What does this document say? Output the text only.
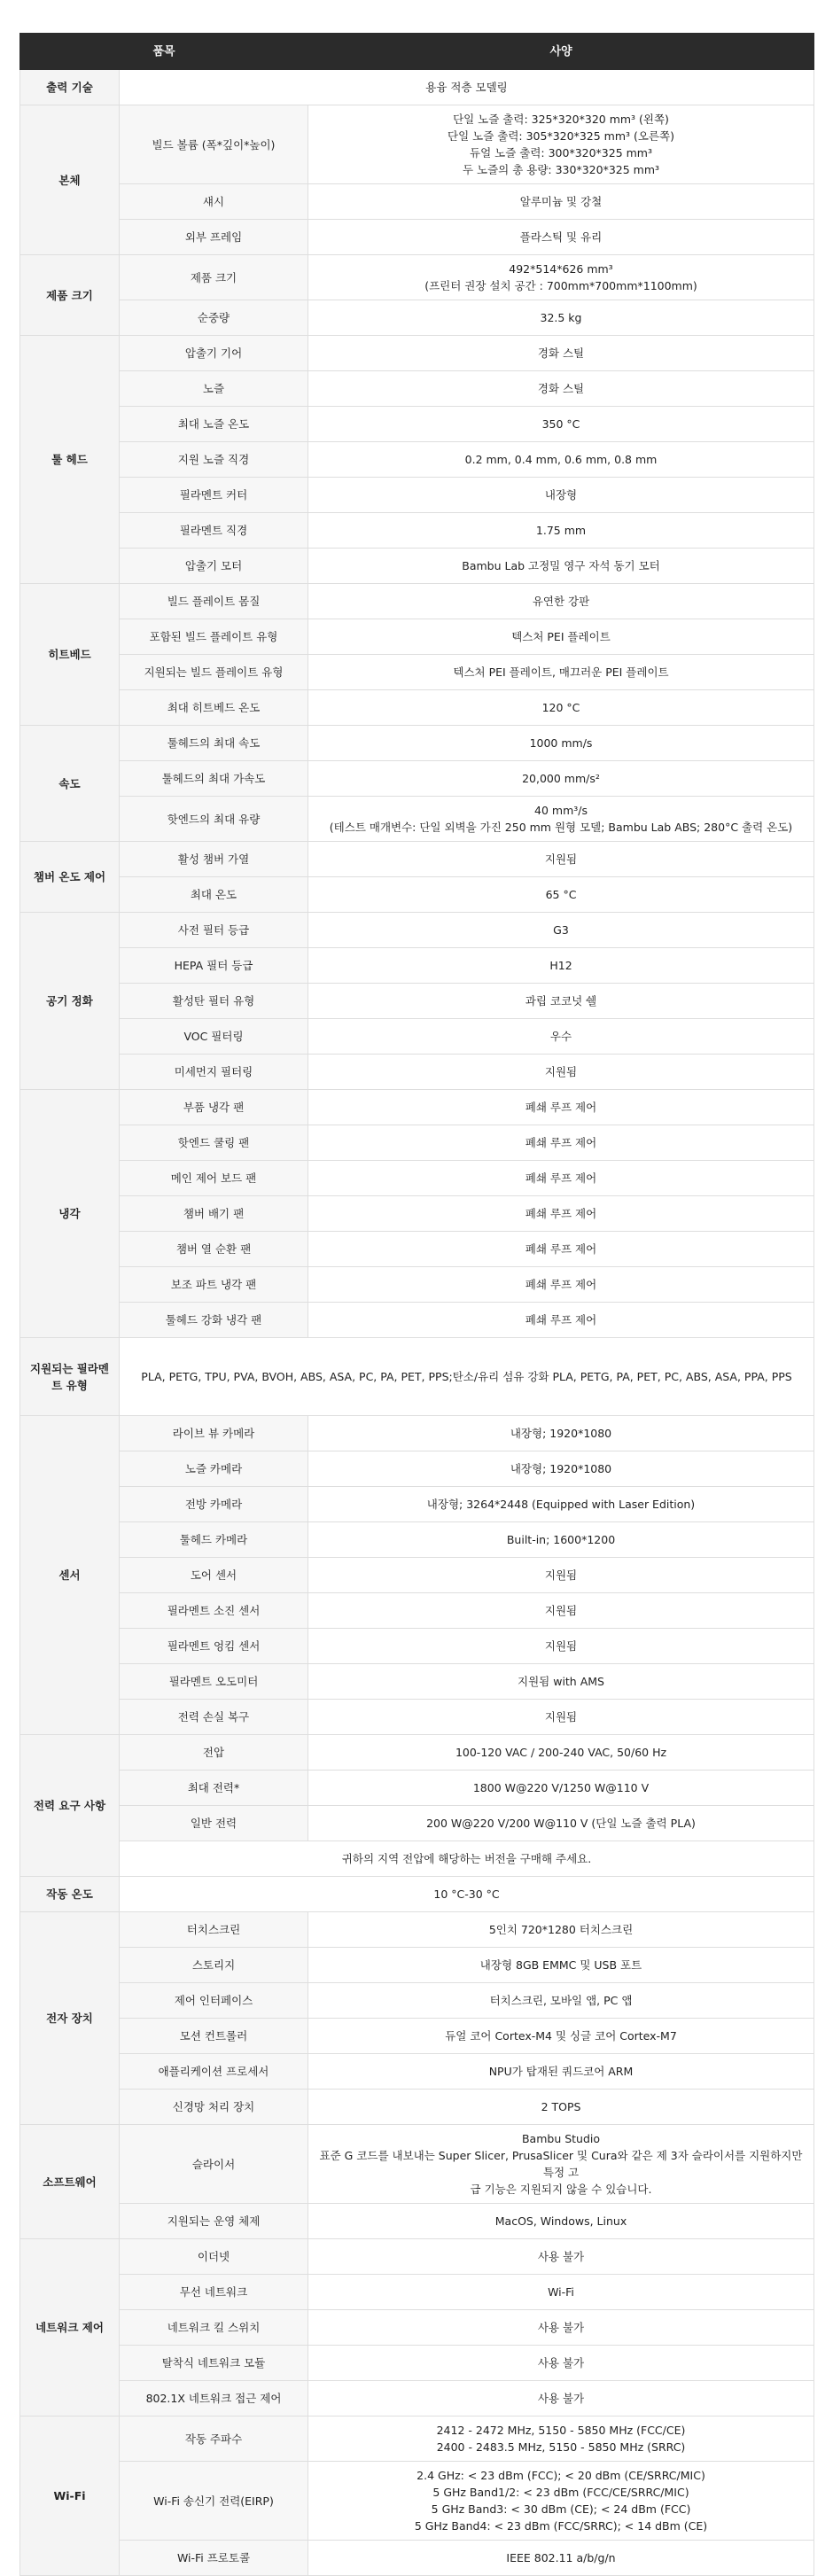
품목		사양
출력 기술	용융 적층 모델링	
본체	빌드 볼륨 (폭*깊이*높이)	단일 노즐 출력: 325*320*320 mm³ (왼쪽)
단일 노즐 출력: 305*320*325 mm³ (오른쪽)
듀얼 노즐 출력: 300*320*325 mm³
두 노즐의 총 용량: 330*320*325 mm³

	섀시	알루미늄 및 강철

	외부 프레임	플라스틱 및 유리

제품 크기	제품 크기	492*514*626 mm³
(프린터 권장 설치 공간 : 700mm*700mm*1100mm)

	순중량	32.5 kg

툴 헤드	압출기 기어	경화 스틸

	노즐	경화 스틸

	최대 노즐 온도	350 °C

	지원 노즐 직경	0.2 mm, 0.4 mm, 0.6 mm, 0.8 mm

	필라멘트 커터	내장형

	필라멘트 직경	1.75 mm

	압출기 모터	Bambu Lab 고정밀 영구 자석 동기 모터

히트베드	빌드 플레이트 몸질	유연한 강판

	포함된 빌드 플레이트 유형	텍스처 PEI 플레이트

	지원되는 빌드 플레이트 유형	텍스처 PEI 플레이트, 매끄러운 PEI 플레이트

	최대 히트베드 온도	120 °C

속도	툴헤드의 최대 속도	1000 mm/s

	툴헤드의 최대 가속도	20,000 mm/s²

	핫엔드의 최대 유량	40 mm³/s
(테스트 매개변수: 단일 외벽을 가진 250 mm 원형 모델; Bambu Lab ABS; 280°C 출력 온도)

챔버 온도 제어	활성 챔버 가열	지원됨

	최대 온도	65 °C

공기 정화	사전 필터 등급	G3

	HEPA 필터 등급	H12

	활성탄 필터 유형	과립 코코넛 쉘

	VOC 필터링	우수

	미세먼지 필터링	지원됨

냉각	부품 냉각 팬	폐쇄 루프 제어

	핫엔드 쿨링 팬	폐쇄 루프 제어

	메인 제어 보드 팬	폐쇄 루프 제어

	챔버 배기 팬	폐쇄 루프 제어

	챔버 열 순환 팬	폐쇄 루프 제어

	보조 파트 냉각 팬	폐쇄 루프 제어

	툴헤드 강화 냉각 팬	폐쇄 루프 제어

지원되는 필라멘트 유형	PLA, PETG, TPU, PVA, BVOH, ABS, ASA, PC, PA, PET, PPS;탄소/유리 섬유 강화 PLA, PETG, PA, PET, PC, ABS, ASA, PPA, PPS	
센서	라이브 뷰 카메라	내장형; 1920*1080

	노즐 카메라	내장형; 1920*1080

	전방 카메라	내장형; 3264*2448 (Equipped with Laser Edition)

	툴헤드 카메라	Built-in; 1600*1200

	도어 센서	지원됨

	필라멘트 소진 센서	지원됨

	필라멘트 엉킴 센서	지원됨

	필라멘트 오도미터	지원됨 with AMS

	전력 손실 복구	지원됨

전력 요구 사항	전압	100-120 VAC / 200-240 VAC, 50/60 Hz

	최대 전력*	1800 W@220 V/1250 W@110 V

	일반 전력	200 W@220 V/200 W@110 V (단일 노즐 출력 PLA)

	귀하의 지역 전압에 해당하는 버전을 구매해 주세요.	
작동 온도	10 °C-30 °C	
전자 장치	터치스크린	5인치 720*1280 터치스크린

	스토리지	내장형 8GB EMMC 및 USB 포트

	제어 인터페이스	터치스크린, 모바일 앱, PC 앱

	모션 컨트롤러	듀얼 코어 Cortex-M4 및 싱글 코어 Cortex-M7

	애플리케이션 프로세서	NPU가 탑재된 쿼드코어 ARM

	신경망 처리 장치	2 TOPS

소프트웨어	슬라이서	Bambu Studio
표준 G 코드를 내보내는 Super Slicer, PrusaSlicer 및 Cura와 같은 제 3자 슬라이서를 지원하지만 특정 고
급 기능은 지원되지 않을 수 있습니다.

	지원되는 운영 체제	MacOS, Windows, Linux

네트워크 제어	이더넷	사용 불가

	무선 네트워크	Wi-Fi

	네트워크 킬 스위치	사용 불가

	탈착식 네트워크 모듈	사용 불가

	802.1X 네트워크 접근 제어	사용 불가

Wi-Fi	작동 주파수	2412 - 2472 MHz, 5150 - 5850 MHz (FCC/CE)
2400 - 2483.5 MHz, 5150 - 5850 MHz (SRRC)

	Wi-Fi 송신기 전력(EIRP)	2.4 GHz: < 23 dBm (FCC); < 20 dBm (CE/SRRC/MIC)
5 GHz Band1/2: < 23 dBm (FCC/CE/SRRC/MIC)
5 GHz Band3: < 30 dBm (CE); < 24 dBm (FCC)
5 GHz Band4: < 23 dBm (FCC/SRRC); < 14 dBm (CE)

	Wi-Fi 프로토콜	IEEE 802.11 a/b/g/n
